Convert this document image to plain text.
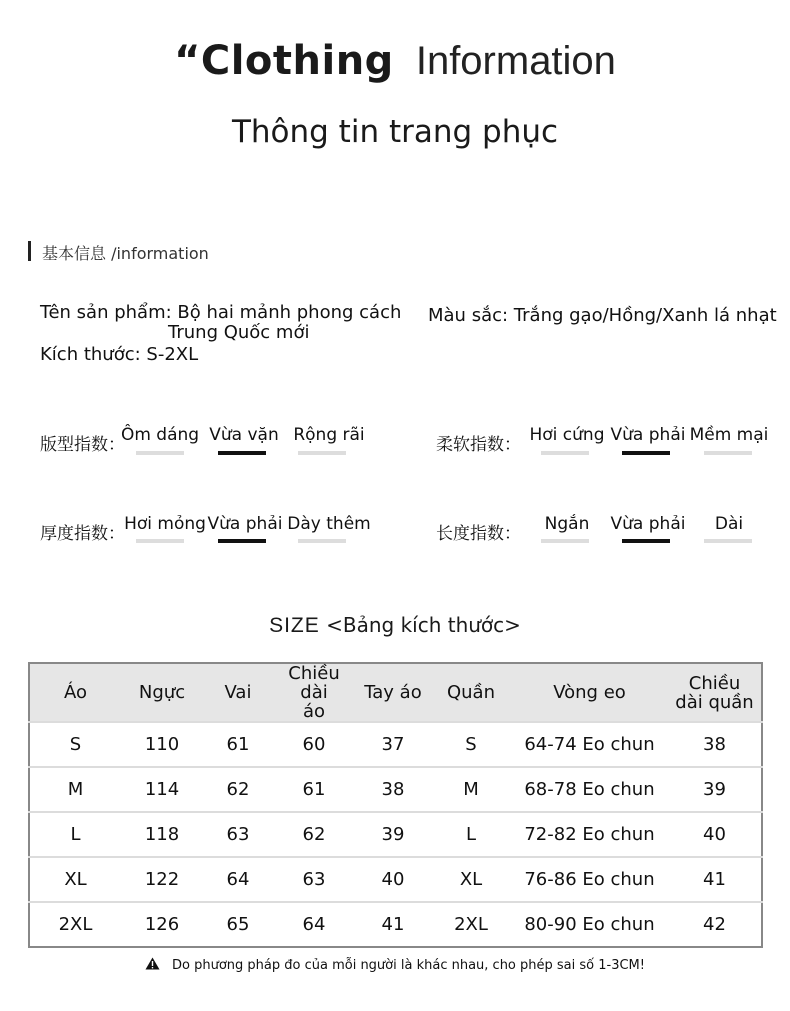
“Clothing Information
Thông tin trang phục
基本信息 /information
Tên sản phẩm: Bộ hai mảnh phong cách
Trung Quốc mới
Kích thước: S-2XL
Màu sắc: Trắng gạo/Hồng/Xanh lá nhạt
版型指数：
Ôm dáng Vừa vặn Rộng rãi	柔软指数： Hơi cứng Vừa phải Mềm mại
厚度指数： Hơi mỏng Vừa phải Dày thêm	长度指数：	Ngắn	Vừa phải	Dài
SIZE <Bảng kích thước>
Áo	Ngực	Vai	Chiều dài áo	Tay áo	Quần	Vòng eo	Chiều dài quần
S	110	61	60	37	S	64-74 Eo chun	38
M	114	62	61	38	M	68-78 Eo chun	39
L	118	63	62	39	L	72-82 Eo chun	40
XL	122	64	63	40	XL	76-86 Eo chun	41
2XL	126	65	64	41	2XL	80-90 Eo chun	42
Do phương pháp đo của mỗi người là khác nhau, cho phép sai số 1-3CM!
